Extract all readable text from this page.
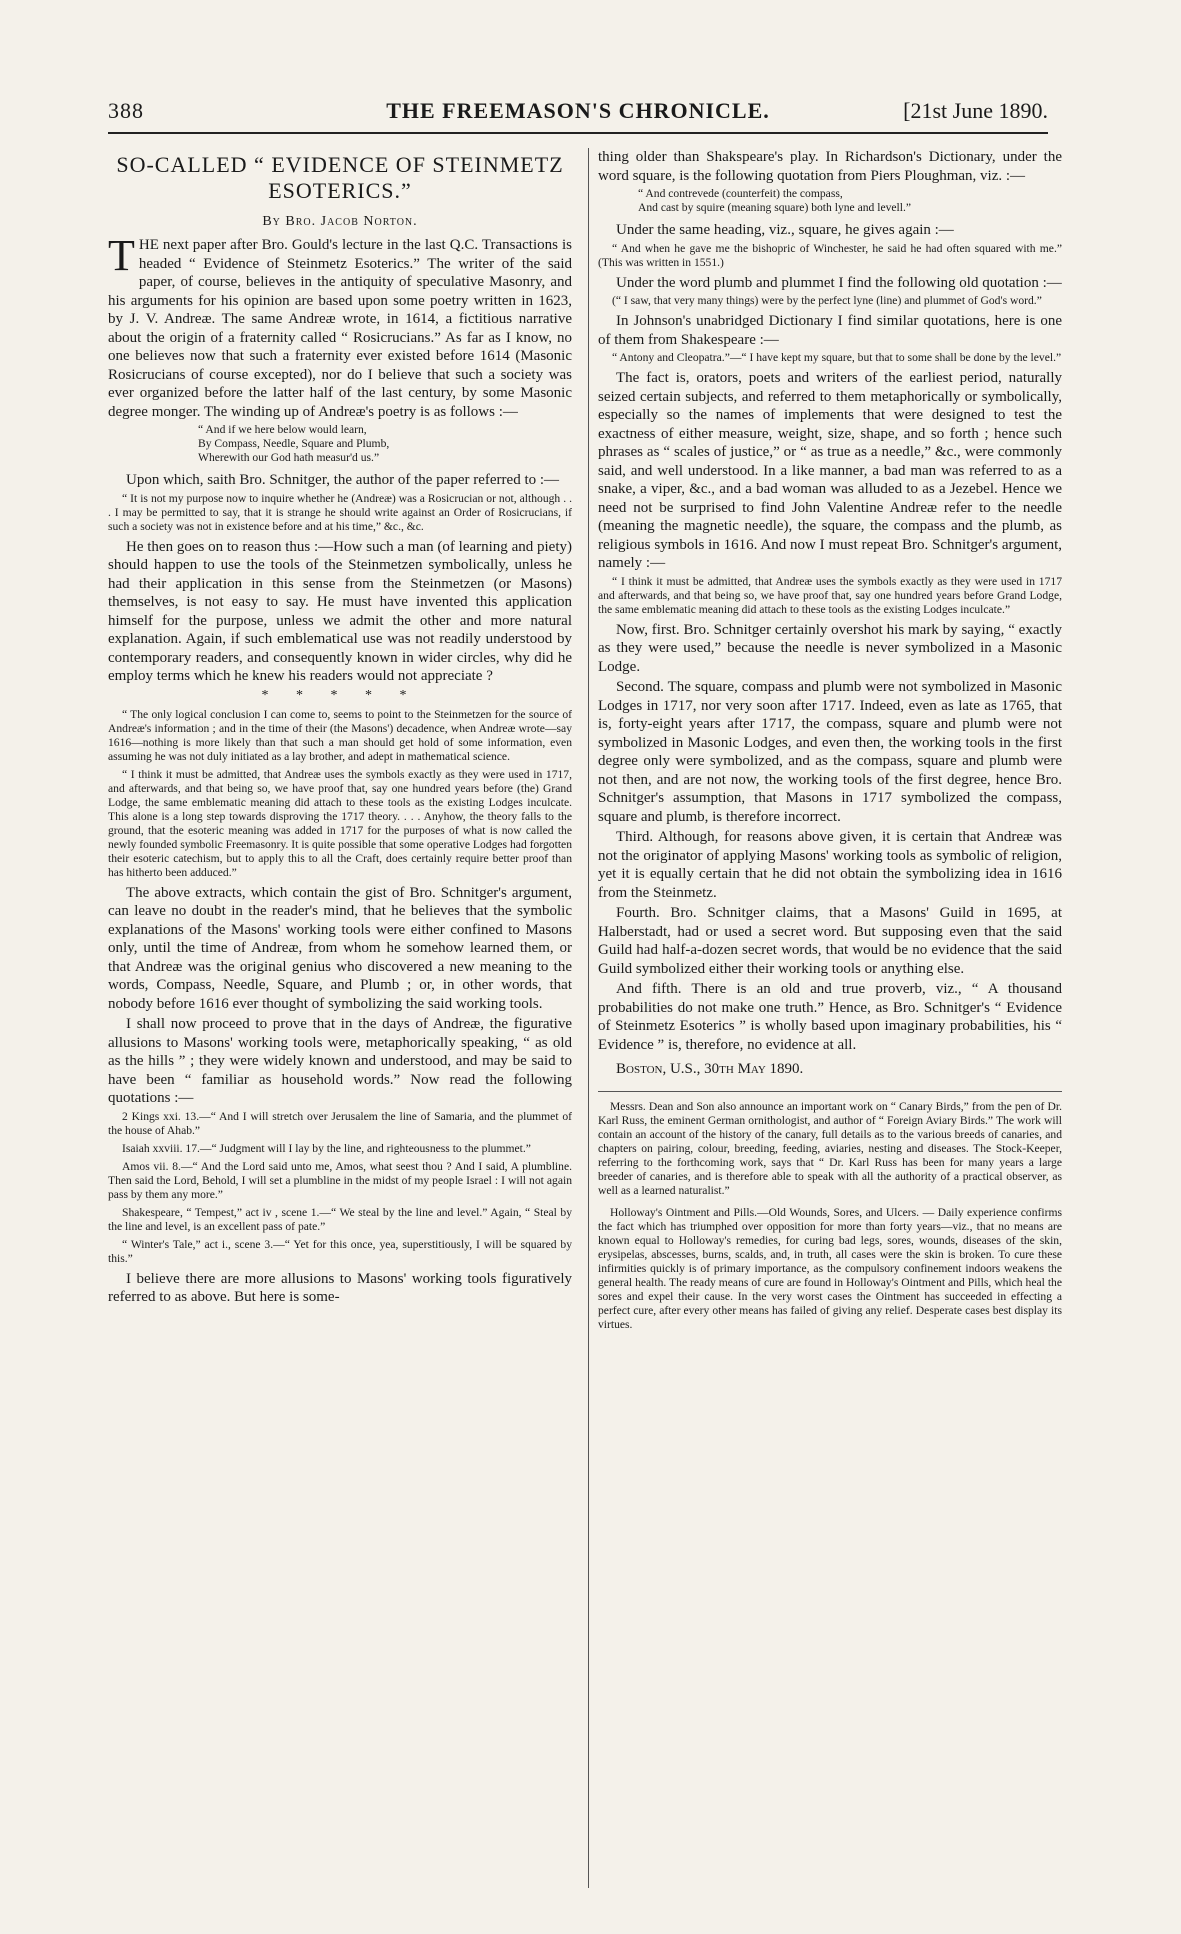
388	THE FREEMASON'S CHRONICLE.	[21st June 1890.
SO-CALLED “ EVIDENCE OF STEINMETZ ESOTERICS.”
By Bro. Jacob Norton.

THE next paper after Bro. Gould's lecture in the last Q.C. Transactions is headed “ Evidence of Steinmetz Esoterics.” The writer of the said paper, of course, believes in the antiquity of speculative Masonry, and his arguments for his opinion are based upon some poetry written in 1623, by J. V. Andreæ. The same Andreæ wrote, in 1614, a fictitious narrative about the origin of a fraternity called “ Rosicrucians.” As far as I know, no one believes now that such a fraternity ever existed before 1614 (Masonic Rosicrucians of course excepted), nor do I believe that such a society was ever organized before the latter half of the last century, by some Masonic degree monger. The winding up of Andreæ's poetry is as follows :—

“ And if we here below would learn,
By Compass, Needle, Square and Plumb,
Wherewith our God hath measur'd us.”

Upon which, saith Bro. Schnitger, the author of the paper referred to :—

“ It is not my purpose now to inquire whether he (Andreæ) was a Rosicrucian or not, although . . . I may be permitted to say, that it is strange he should write against an Order of Rosicrucians, if such a society was not in existence before and at his time,” &c., &c.

He then goes on to reason thus :—How such a man (of learning and piety) should happen to use the tools of the Steinmetzen symbolically, unless he had their application in this sense from the Steinmetzen (or Masons) themselves, is not easy to say. He must have invented this application himself for the purpose, unless we admit the other and more natural explanation. Again, if such emblematical use was not readily understood by contemporary readers, and consequently known in wider circles, why did he employ terms which he knew his readers would not appreciate ?

* * * * *
“ The only logical conclusion I can come to, seems to point to the Steinmetzen for the source of Andreæ's information ; and in the time of their (the Masons') decadence, when Andreæ wrote—say 1616—nothing is more likely than that such a man should get hold of some information, even assuming he was not duly initiated as a lay brother, and adept in mathematical science.
“ I think it must be admitted, that Andreæ uses the symbols exactly as they were used in 1717, and afterwards, and that being so, we have proof that, say one hundred years before (the) Grand Lodge, the same emblematic meaning did attach to these tools as the existing Lodges inculcate. This alone is a long step towards disproving the 1717 theory. . . . Anyhow, the theory falls to the ground, that the esoteric meaning was added in 1717 for the purposes of what is now called the newly founded symbolic Freemasonry. It is quite possible that some operative Lodges had forgotten their esoteric catechism, but to apply this to all the Craft, does certainly require better proof than has hitherto been adduced.”

The above extracts, which contain the gist of Bro. Schnitger's argument, can leave no doubt in the reader's mind, that he believes that the symbolic explanations of the Masons' working tools were either confined to Masons only, until the time of Andreæ, from whom he somehow learned them, or that Andreæ was the original genius who discovered a new meaning to the words, Compass, Needle, Square, and Plumb ; or, in other words, that nobody before 1616 ever thought of symbolizing the said working tools.

I shall now proceed to prove that in the days of Andreæ, the figurative allusions to Masons' working tools were, metaphorically speaking, “ as old as the hills ” ; they were widely known and understood, and may be said to have been “ familiar as household words.” Now read the following quotations :—

2 Kings xxi. 13.—“ And I will stretch over Jerusalem the line of Samaria, and the plummet of the house of Ahab.”
Isaiah xxviii. 17.—“ Judgment will I lay by the line, and righteousness to the plummet.”
Amos vii. 8.—“ And the Lord said unto me, Amos, what seest thou ? And I said, A plumbline. Then said the Lord, Behold, I will set a plumbline in the midst of my people Israel : I will not again pass by them any more.”
Shakespeare, “ Tempest,” act iv , scene 1.—“ We steal by the line and level.” Again, “ Steal by the line and level, is an excellent pass of pate.”
“ Winter's Tale,” act i., scene 3.—“ Yet for this once, yea, superstitiously, I will be squared by this.”

I believe there are more allusions to Masons' working tools figuratively referred to as above. But here is some-

thing older than Shakspeare's play. In Richardson's Dictionary, under the word square, is the following quotation from Piers Ploughman, viz. :—

“ And contrevede (counterfeit) the compass,
And cast by squire (meaning square) both lyne and levell.”

Under the same heading, viz., square, he gives again :—

“ And when he gave me the bishopric of Winchester, he said he had often squared with me.” (This was written in 1551.)

Under the word plumb and plummet I find the following old quotation :—

(“ I saw, that very many things) were by the perfect lyne (line) and plummet of God's word.”

In Johnson's unabridged Dictionary I find similar quotations, here is one of them from Shakespeare :—

“ Antony and Cleopatra.”—“ I have kept my square, but that to some shall be done by the level.”

The fact is, orators, poets and writers of the earliest period, naturally seized certain subjects, and referred to them metaphorically or symbolically, especially so the names of implements that were designed to test the exactness of either measure, weight, size, shape, and so forth ; hence such phrases as “ scales of justice,” or “ as true as a needle,” &c., were commonly said, and well understood. In a like manner, a bad man was referred to as a snake, a viper, &c., and a bad woman was alluded to as a Jezebel. Hence we need not be surprised to find John Valentine Andreæ refer to the needle (meaning the magnetic needle), the square, the compass and the plumb, as religious symbols in 1616. And now I must repeat Bro. Schnitger's argument, namely :—

“ I think it must be admitted, that Andreæ uses the symbols exactly as they were used in 1717 and afterwards, and that being so, we have proof that, say one hundred years before Grand Lodge, the same emblematic meaning did attach to these tools as the existing Lodges inculcate.”

Now, first. Bro. Schnitger certainly overshot his mark by saying, “ exactly as they were used,” because the needle is never symbolized in a Masonic Lodge.

Second. The square, compass and plumb were not symbolized in Masonic Lodges in 1717, nor very soon after 1717. Indeed, even as late as 1765, that is, forty-eight years after 1717, the compass, square and plumb were not symbolized in Masonic Lodges, and even then, the working tools in the first degree only were symbolized, and as the compass, square and plumb were not then, and are not now, the working tools of the first degree, hence Bro. Schnitger's assumption, that Masons in 1717 symbolized the compass, square and plumb, is therefore incorrect.

Third. Although, for reasons above given, it is certain that Andreæ was not the originator of applying Masons' working tools as symbolic of religion, yet it is equally certain that he did not obtain the symbolizing idea in 1616 from the Steinmetz.

Fourth. Bro. Schnitger claims, that a Masons' Guild in 1695, at Halberstadt, had or used a secret word. But supposing even that the said Guild had half-a-dozen secret words, that would be no evidence that the said Guild symbolized either their working tools or anything else.

And fifth. There is an old and true proverb, viz., “ A thousand probabilities do not make one truth.” Hence, as Bro. Schnitger's “ Evidence of Steinmetz Esoterics ” is wholly based upon imaginary probabilities, his “ Evidence ” is, therefore, no evidence at all.

Boston, U.S., 30th May 1890.

Messrs. Dean and Son also announce an important work on “ Canary Birds,” from the pen of Dr. Karl Russ, the eminent German ornithologist, and author of “ Foreign Aviary Birds.” The work will contain an account of the history of the canary, full details as to the various breeds of canaries, and chapters on pairing, colour, breeding, feeding, aviaries, nesting and diseases. The Stock-Keeper, referring to the forthcoming work, says that “ Dr. Karl Russ has been for many years a large breeder of canaries, and is therefore able to speak with all the authority of a practical observer, as well as a learned naturalist.”
Holloway's Ointment and Pills.—Old Wounds, Sores, and Ulcers. — Daily experience confirms the fact which has triumphed over opposition for more than forty years—viz., that no means are known equal to Holloway's remedies, for curing bad legs, sores, wounds, diseases of the skin, erysipelas, abscesses, burns, scalds, and, in truth, all cases were the skin is broken. To cure these infirmities quickly is of primary importance, as the compulsory confinement indoors weakens the general health. The ready means of cure are found in Holloway's Ointment and Pills, which heal the sores and expel their cause. In the very worst cases the Ointment has succeeded in effecting a perfect cure, after every other means has failed of giving any relief. Desperate cases best display its virtues.
